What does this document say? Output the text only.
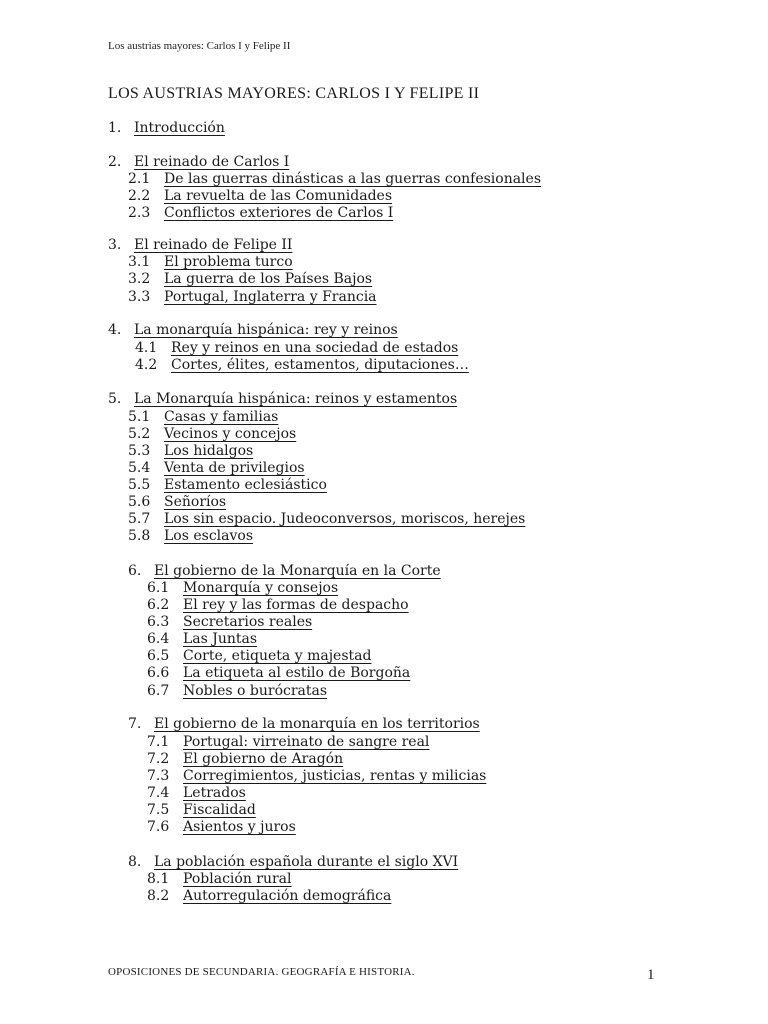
Los austrias mayores: Carlos I y Felipe II
LOS AUSTRIAS MAYORES: CARLOS I Y FELIPE II
1. Introducción
2. El reinado de Carlos I
2.1 De las guerras dinásticas a las guerras confesionales
2.2 La revuelta de las Comunidades
2.3 Conflictos exteriores de Carlos I
3. El reinado de Felipe II
3.1 El problema turco
3.2 La guerra de los Países Bajos
3.3 Portugal, Inglaterra y Francia
4. La monarquía hispánica: rey y reinos
4.1 Rey y reinos en una sociedad de estados
4.2 Cortes, élites, estamentos, diputaciones…
5. La Monarquía hispánica: reinos y estamentos
5.1 Casas y familias
5.2 Vecinos y concejos
5.3 Los hidalgos
5.4 Venta de privilegios
5.5 Estamento eclesiástico
5.6 Señoríos
5.7 Los sin espacio. Judeoconversos, moriscos, herejes
5.8 Los esclavos
6. El gobierno de la Monarquía en la Corte
6.1 Monarquía y consejos
6.2 El rey y las formas de despacho
6.3 Secretarios reales
6.4 Las Juntas
6.5 Corte, etiqueta y majestad
6.6 La etiqueta al estilo de Borgoña
6.7 Nobles o burócratas
7. El gobierno de la monarquía en los territorios
7.1 Portugal: virreinato de sangre real
7.2 El gobierno de Aragón
7.3 Corregimientos, justicias, rentas y milicias
7.4 Letrados
7.5 Fiscalidad
7.6 Asientos y juros
8. La población española durante el siglo XVI
8.1 Población rural
8.2 Autorregulación demográfica
OPOSICIONES DE SECUNDARIA. GEOGRAFÍA E HISTORIA.	1
